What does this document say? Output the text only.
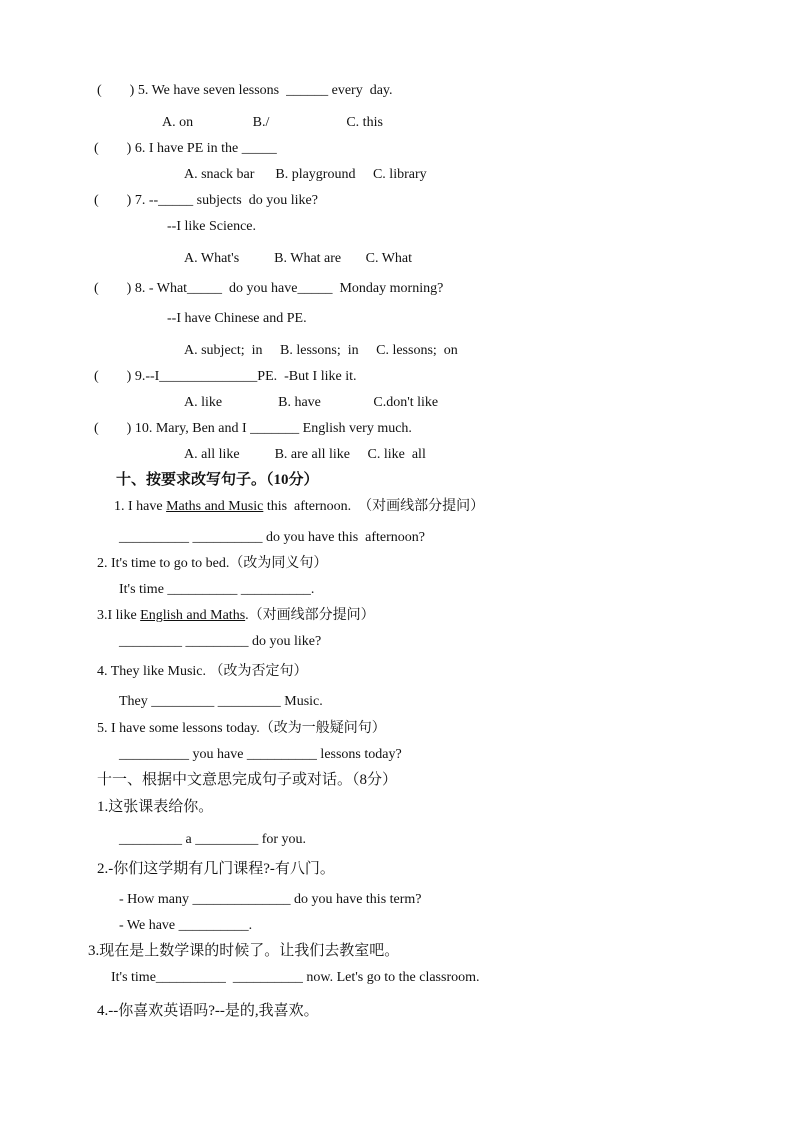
(        ) 5. We have seven lessons  ______ every  day.
A. on                 B./                      C. this
(        ) 6. I have PE in the _____
A. snack bar      B. playground     C. library
(        ) 7. --_____ subjects  do you like?
--I like Science.
A. What's          B. What are       C. What
(        ) 8. - What_____  do you have_____  Monday morning?
--I have Chinese and PE.
A. subject;  in     B. lessons;  in     C. lessons;  on
(        ) 9.--I______________PE.  -But I like it.
A. like                B. have               C.don't like
(        ) 10. Mary, Ben and I _______ English very much.
A. all like          B. are all like     C. like  all
十、按要求改写句子。（10分）
1. I have Maths and Music this  afternoon.  （对画线部分提问）
__________ __________ do you have this  afternoon?
2. It's time to go to bed.（改为同义句）
It's time __________ __________.
3.I like English and Maths.（对画线部分提问）
_________ _________ do you like?
4. They like Music. （改为否定句）
They _________ _________ Music.
5. I have some lessons today.（改为一般疑问句）
__________ you have __________ lessons today?
十一、根据中文意思完成句子或对话。（8分）
1.这张课表给你。
_________ a _________ for you.
2.-你们这学期有几门课程?-有八门。
- How many ______________ do you have this term?
- We have __________.
3.现在是上数学课的时候了。让我们去教室吧。
It's time__________  __________ now. Let's go to the classroom.
4.--你喜欢英语吗?--是的,我喜欢。
